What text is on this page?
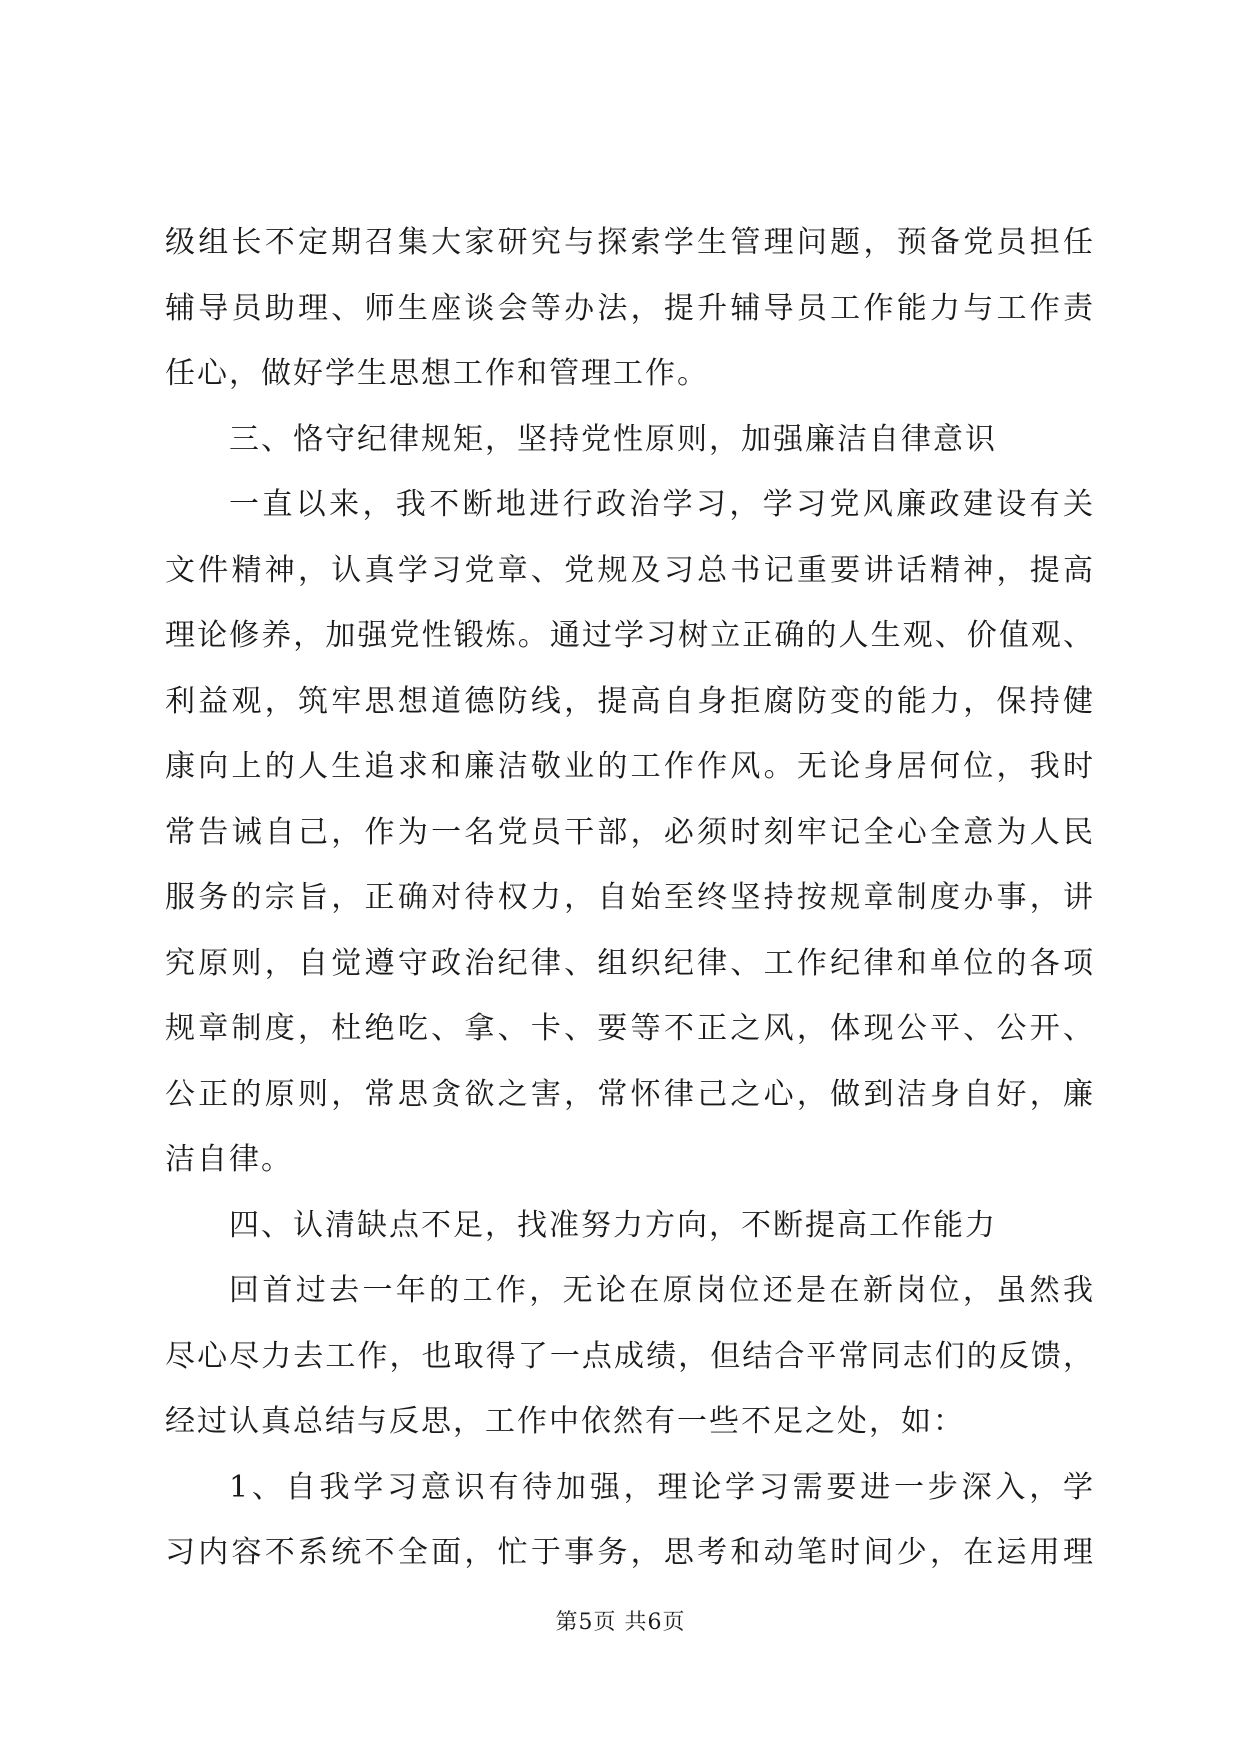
级组长不定期召集大家研究与探索学生管理问题，预备党员担任
辅导员助理、师生座谈会等办法，提升辅导员工作能力与工作责
任心，做好学生思想工作和管理工作。
三、恪守纪律规矩，坚持党性原则，加强廉洁自律意识
一直以来，我不断地进行政治学习，学习党风廉政建设有关
文件精神，认真学习党章、党规及习总书记重要讲话精神，提高
理论修养，加强党性锻炼。通过学习树立正确的人生观、价值观、
利益观，筑牢思想道德防线，提高自身拒腐防变的能力，保持健
康向上的人生追求和廉洁敬业的工作作风。无论身居何位，我时
常告诫自己，作为一名党员干部，必须时刻牢记全心全意为人民
服务的宗旨，正确对待权力，自始至终坚持按规章制度办事，讲
究原则，自觉遵守政治纪律、组织纪律、工作纪律和单位的各项
规章制度，杜绝吃、拿、卡、要等不正之风，体现公平、公开、
公正的原则，常思贪欲之害，常怀律己之心，做到洁身自好，廉
洁自律。
四、认清缺点不足，找准努力方向，不断提高工作能力
回首过去一年的工作，无论在原岗位还是在新岗位，虽然我
尽心尽力去工作，也取得了一点成绩，但结合平常同志们的反馈，
经过认真总结与反思，工作中依然有一些不足之处，如：
1、自我学习意识有待加强，理论学习需要进一步深入，学
习内容不系统不全面，忙于事务，思考和动笔时间少，在运用理
第5页 共6页
